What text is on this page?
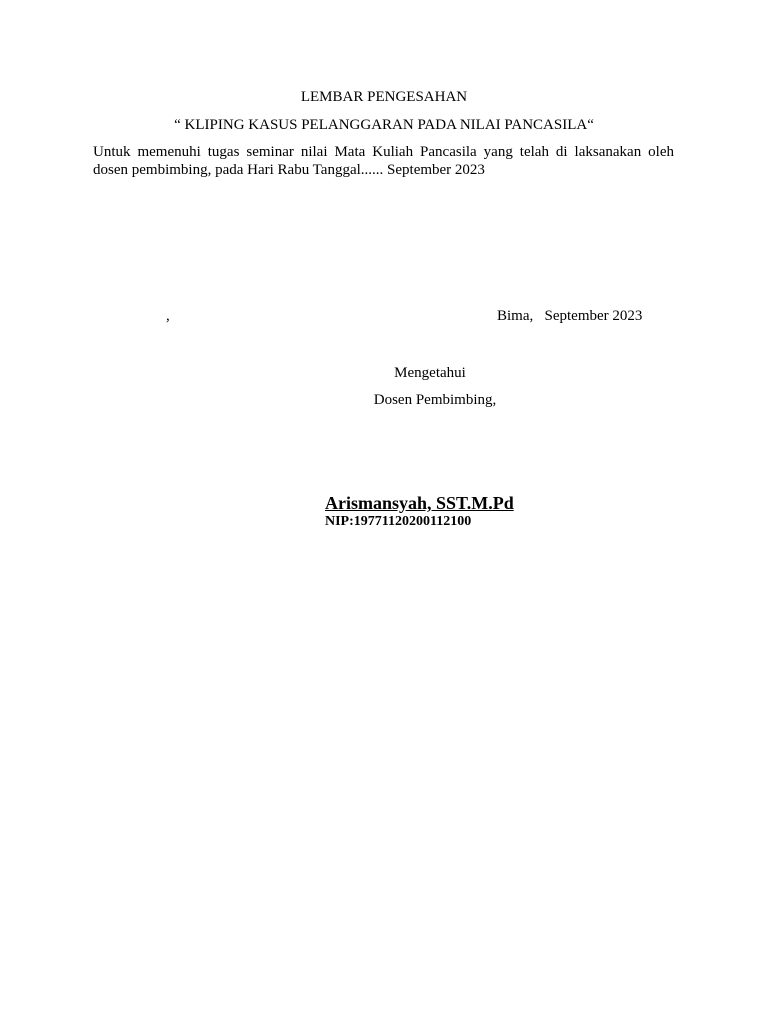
LEMBAR PENGESAHAN
“ KLIPING KASUS PELANGGARAN PADA NILAI PANCASILA“
Untuk memenuhi tugas seminar nilai Mata Kuliah Pancasila yang telah di laksanakan oleh dosen pembimbing, pada Hari Rabu Tanggal...... September 2023
,	Bima,   September 2023
Mengetahui
Dosen Pembimbing,
Arismansyah, SST.M.Pd
NIP:19771120200112100
